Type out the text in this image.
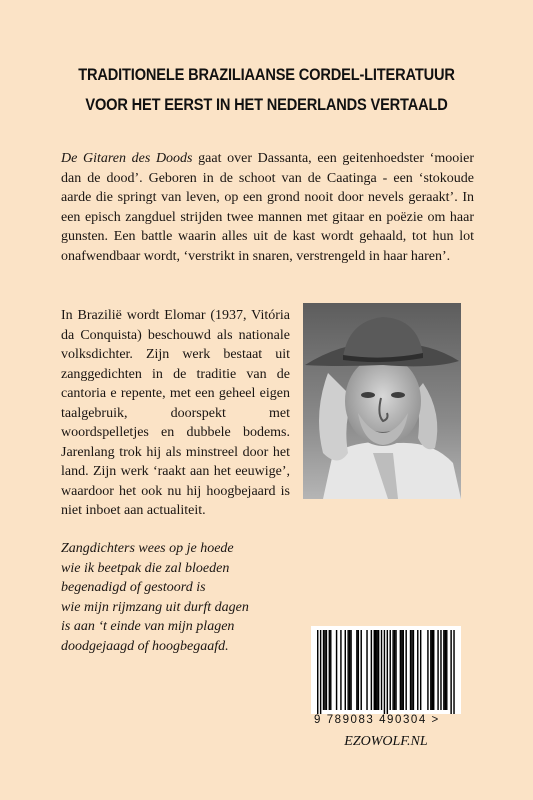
TRADITIONELE BRAZILIAANSE CORDEL-LITERATUUR
VOOR HET EERST IN HET NEDERLANDS VERTAALD
De Gitaren des Doods gaat over Dassanta, een geitenhoedster ‘mooier dan de dood’. Geboren in de schoot van de Caatinga - een ‘stokoude aarde die springt van leven, op een grond nooit door nevels geraakt’. In een episch zangduel strijden twee mannen met gitaar en poëzie om haar gunsten. Een battle waarin alles uit de kast wordt gehaald, tot hun lot onafwendbaar wordt, ‘verstrikt in snaren, verstrengeld in haar haren’.
In Brazilië wordt Elomar (1937, Vitória da Conquista) beschouwd als nationale volksdichter. Zijn werk bestaat uit zanggedichten in de traditie van de cantoria e repente, met een geheel eigen taalgebruik, doorspekt met woordspelletjes en dubbele bodems. Jarenlang trok hij als minstreel door het land. Zijn werk ‘raakt aan het eeuwige’, waardoor het ook nu hij hoogbejaard is niet inboet aan actualiteit.
Zangdichters wees op je hoede
wie ik beetpak die zal bloeden
begenadigd of gestoord is
wie mijn rijmzang uit durft dagen
is aan ‘t einde van mijn plagen
doodgejaagd of hoogbegaafd.
9 789083 490304 >
EZOWOLF.NL
